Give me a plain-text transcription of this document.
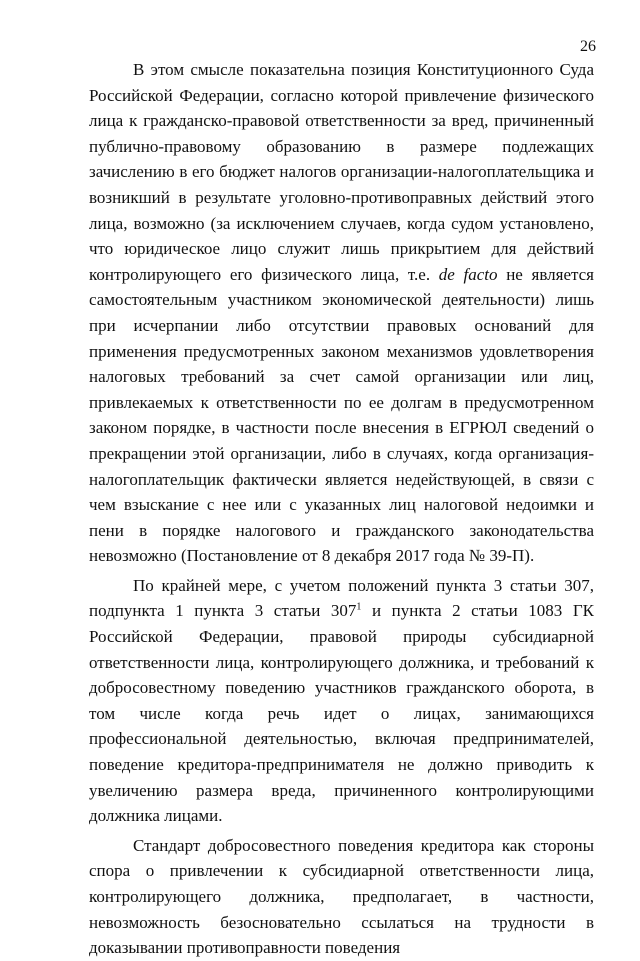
26

В этом смысле показательна позиция Конституционного Суда Российской Федерации, согласно которой привлечение физического лица к гражданско-правовой ответственности за вред, причиненный публично-правовому образованию в размере подлежащих зачислению в его бюджет налогов организации-налогоплательщика и возникший в результате уголовно-противоправных действий этого лица, возможно (за исключением случаев, когда судом установлено, что юридическое лицо служит лишь прикрытием для действий контролирующего его физического лица, т.е. de facto не является самостоятельным участником экономической деятельности) лишь при исчерпании либо отсутствии правовых оснований для применения предусмотренных законом механизмов удовлетворения налоговых требований за счет самой организации или лиц, привлекаемых к ответственности по ее долгам в предусмотренном законом порядке, в частности после внесения в ЕГРЮЛ сведений о прекращении этой организации, либо в случаях, когда организация-налогоплательщик фактически является недействующей, в связи с чем взыскание с нее или с указанных лиц налоговой недоимки и пени в порядке налогового и гражданского законодательства невозможно (Постановление от 8 декабря 2017 года № 39-П).

По крайней мере, с учетом положений пункта 3 статьи 307, подпункта 1 пункта 3 статьи $307^1$ и пункта 2 статьи 1083 ГК Российской Федерации, правовой природы субсидиарной ответственности лица, контролирующего должника, и требований к добросовестному поведению участников гражданского оборота, в том числе когда речь идет о лицах, занимающихся профессиональной деятельностью, включая предпринимателей, поведение кредитора-предпринимателя не должно приводить к увеличению размера вреда, причиненного контролирующими должника лицами.

Стандарт добросовестного поведения кредитора как стороны спора о привлечении к субсидиарной ответственности лица, контролирующего должника, предполагает, в частности, невозможность безосновательно ссылаться на трудности в доказывании противоправности поведения
